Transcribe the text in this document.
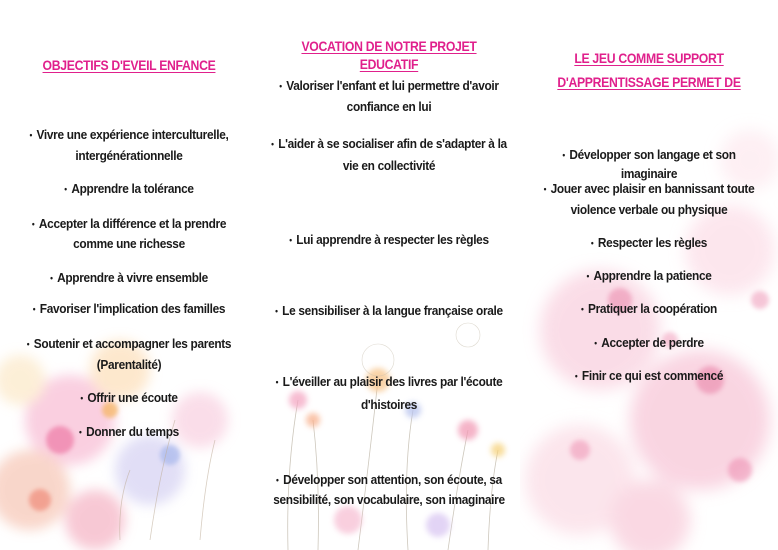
OBJECTIFS D'EVEIL ENFANCE
• Vivre une expérience interculturelle,
intergénérationnelle
• Apprendre la tolérance
• Accepter la différence et la prendre
comme une richesse
• Apprendre à vivre ensemble
• Favoriser l'implication des familles
• Soutenir et accompagner les parents
(Parentalité)
• Offrir une écoute
• Donner du temps
VOCATION DE NOTRE PROJET EDUCATIF
• Valoriser l'enfant et lui permettre d'avoir
confiance en lui
• L'aider à se socialiser afin de s'adapter à la
vie en collectivité
• Lui apprendre à respecter les règles
• Le sensibiliser à la langue française orale
• L'éveiller au plaisir des livres par l'écoute
d'histoires
• Développer son attention, son écoute, sa
sensibilité, son vocabulaire, son imaginaire
LE JEU COMME SUPPORT
D'APPRENTISSAGE PERMET DE
• Développer son langage et son imaginaire
• Jouer avec plaisir en bannissant toute
violence verbale ou physique
• Respecter les règles
• Apprendre la patience
• Pratiquer la coopération
• Accepter de perdre
• Finir ce qui est commencé
